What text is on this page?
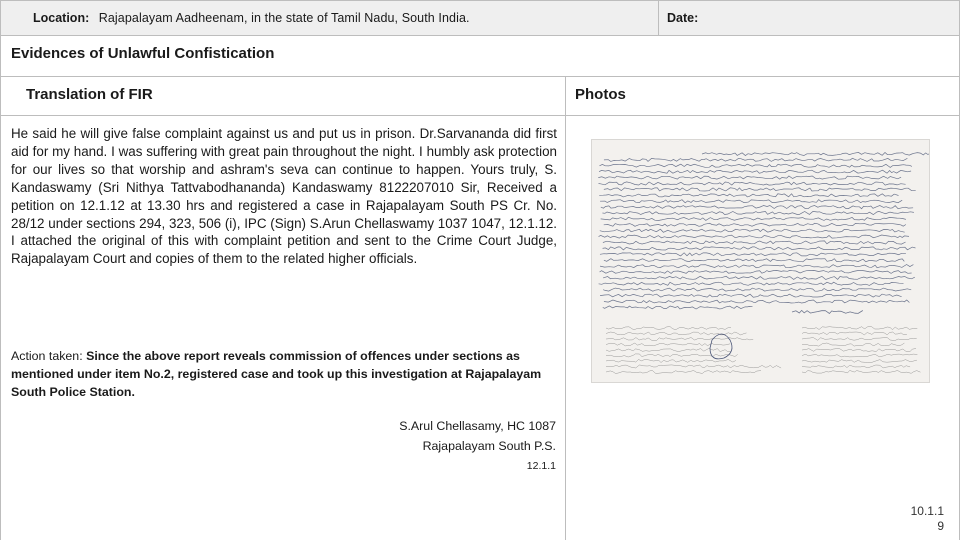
Location: Rajapalayam Aadheenam, in the state of Tamil Nadu, South India.	Date:
Evidences of Unlawful Confistication
Translation of FIR	Photos

He said he will give false complaint against us and put us in prison. Dr.Sarvananda did first aid for my hand. I was suffering with great pain throughout the night. I humbly ask protection for our lives so that worship and ashram's seva can continue to happen. Yours truly, S. Kandaswamy (Sri Nithya Tattvabodhananda) Kandaswamy 8122207010 Sir, Received a petition on 12.1.12 at 13.30 hrs and registered a case in Rajapalayam South PS Cr. No. 28/12 under sections 294, 323, 506 (i), IPC (Sign) S.Arun Chellaswamy 1037 1047, 12.1.12. I attached the original of this with complaint petition and sent to the Crime Court Judge, Rajapalayam Court and copies of them to the related higher officials.

Action taken: Since the above report reveals commission of offences under sections as mentioned under item No.2, registered case and took up this investigation at Rajapalayam South Police Station.

S.Arul Chellasamy, HC 1087
Rajapalayam South P.S.
12.1.1
10.1.1
9
